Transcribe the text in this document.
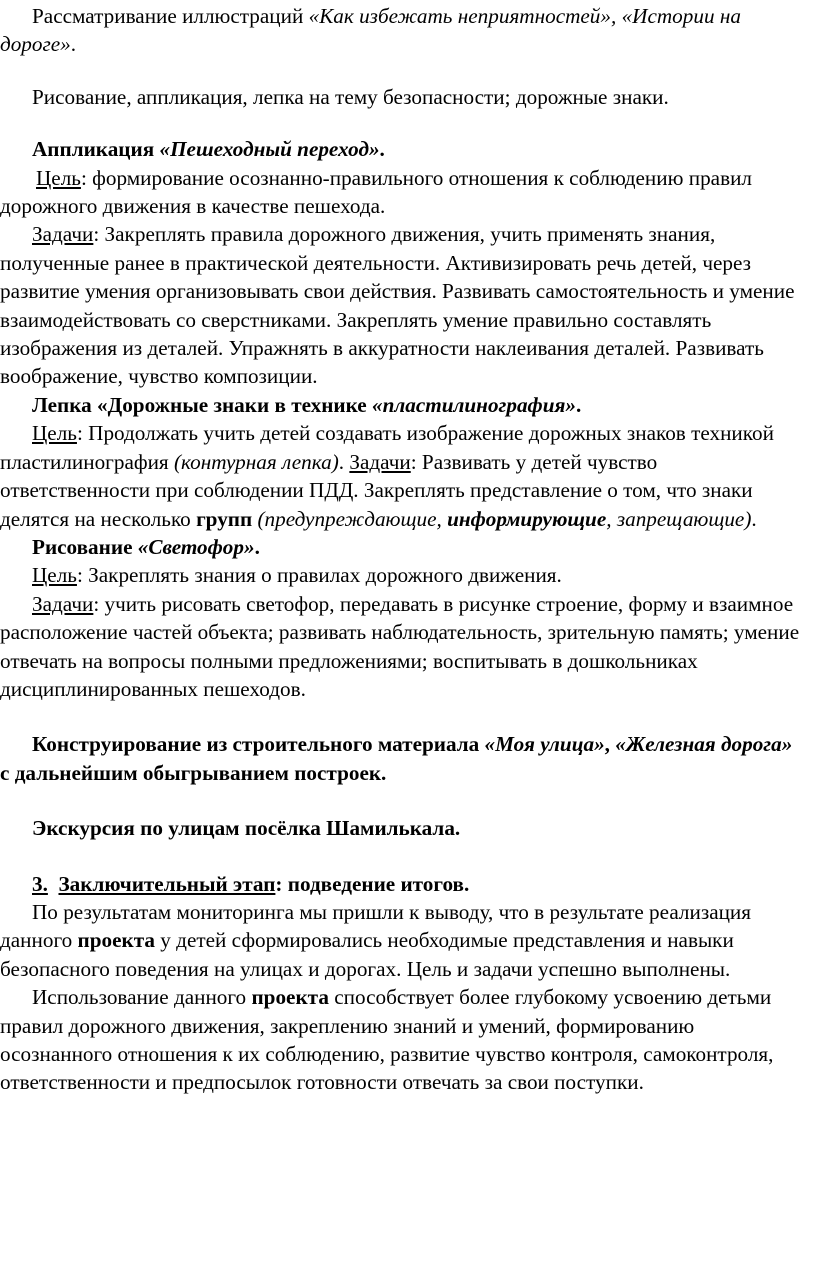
Рассматривание иллюстраций «Как избежать неприятностей», «Истории на дороге».

Рисование, аппликация, лепка на тему безопасности; дорожные знаки.

Аппликация «Пешеходный переход».

Цель: формирование осознанно-правильного отношения к соблюдению правил дорожного движения в качестве пешехода.

Задачи: Закреплять правила дорожного движения, учить применять знания, полученные ранее в практической деятельности. Активизировать речь детей, через развитие умения организовывать свои действия. Развивать самостоятельность и умение взаимодействовать со сверстниками. Закреплять умение правильно составлять изображения из деталей. Упражнять в аккуратности наклеивания деталей. Развивать воображение, чувство композиции.

Лепка «Дорожные знаки в технике «пластилинография».

Цель: Продолжать учить детей создавать изображение дорожных знаков техникой пластилинография (контурная лепка). Задачи: Развивать у детей чувство ответственности при соблюдении ПДД. Закреплять представление о том, что знаки делятся на несколько групп (предупреждающие, информирующие, запрещающие).

Рисование «Светофор».

Цель: Закреплять знания о правилах дорожного движения.

Задачи: учить рисовать светофор, передавать в рисунке строение, форму и взаимное расположение частей объекта; развивать наблюдательность, зрительную память; умение отвечать на вопросы полными предложениями; воспитывать в дошкольниках дисциплинированных пешеходов.

Конструирование из строительного материала «Моя улица», «Железная дорога» с дальнейшим обыгрыванием построек.

Экскурсия по улицам посёлка Шамилькала.

3. Заключительный этап: подведение итогов.

По результатам мониторинга мы пришли к выводу, что в результате реализация данного проекта у детей сформировались необходимые представления и навыки безопасного поведения на улицах и дорогах. Цель и задачи успешно выполнены.

Использование данного проекта способствует более глубокому усвоению детьми правил дорожного движения, закреплению знаний и умений, формированию осознанного отношения к их соблюдению, развитие чувство контроля, самоконтроля, ответственности и предпосылок готовности отвечать за свои поступки.
